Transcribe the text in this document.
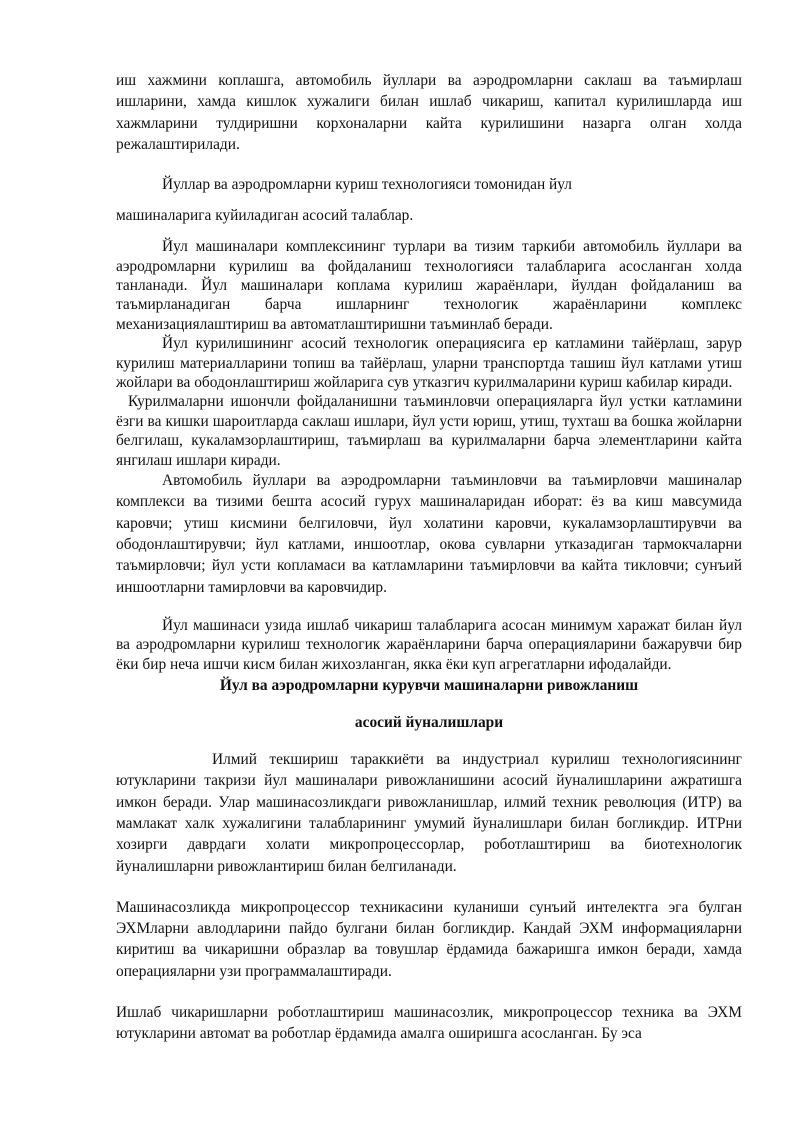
иш хажмини коплашга, автомобиль йуллари ва аэродромларни саклаш ва таъмирлаш ишларини, хамда кишлок хужалиги билан ишлаб чикариш, капитал курилишларда иш хажмларини тулдиришни корхоналарни кайта курилишини назарга олган холда режалаштирилади.

Йуллар ва аэродромларни куриш технологияси томонидан йул

машиналарига куйиладиган асосий талаблар.

Йул машиналари комплексининг турлари ва тизим таркиби автомобиль йуллари ва аэродромларни курилиш ва фойдаланиш технологияси талабларига асосланган холда танланади. Йул машиналари коплама курилиш жараёнлари, йулдан фойдаланиш ва таъмирланадиган барча ишларнинг технологик жараёнларини комплекс механизациялаштириш ва автоматлаштиришни таъминлаб беради.

Йул курилишининг асосий технологик операциясига ер катламини тайёрлаш, зарур курилиш материалларини топиш ва тайёрлаш, уларни транспортда ташиш йул катлами утиш жойлари ва ободонлаштириш жойларига сув утказгич курилмаларини куриш кабилар киради.

Курилмаларни ишончли фойдаланишни таъминловчи операцияларга йул устки катламини ёзги ва кишки шароитларда саклаш ишлари, йул усти юриш, утиш, тухташ ва бошка жойларни белгилаш, кукаламзорлаштириш, таъмирлаш ва курилмаларни барча элементларини кайта янгилаш ишлари киради.

Автомобиль йуллари ва аэродромларни таъминловчи ва таъмирловчи машиналар комплекси ва тизими бешта асосий гурух машиналаридан иборат: ёз ва киш мавсумида каровчи; утиш кисмини белгиловчи, йул холатини каровчи, кукаламзорлаштирувчи ва ободонлаштирувчи; йул катлами, иншоотлар, окова сувларни утказадиган тармокчаларни таъмирловчи; йул усти копламаси ва катламларини таъмирловчи ва кайта тикловчи; сунъий иншоотларни тамирловчи ва каровчидир.

Йул машинаси узида ишлаб чикариш талабларига асосан минимум харажат билан йул ва аэродромларни курилиш технологик жараёнларини барча операцияларини бажарувчи бир ёки бир неча ишчи кисм билан жихозланган, якка ёки куп агрегатларни ифодалайди.

Йул ва аэродромларни курувчи машиналарни ривожланиш

асосий йуналишлари

Илмий текшириш тараккиёти ва индустриал курилиш технологиясининг ютукларини такризи йул машиналари ривожланишини асосий йуналишларини ажратишга имкон беради. Улар машинасозликдаги ривожланишлар, илмий техник революция (ИТР) ва мамлакат халк хужалигини талабларининг умумий йуналишлари билан богликдир. ИТРни хозирги даврдаги холати микропроцессорлар, роботлаштириш ва биотехнологик йуналишларни ривожлантириш билан белгиланади.

Машинасозликда микропроцессор техникасини куланиши сунъий интелектга эга булган ЭХМларни авлодларини пайдо булгани билан богликдир. Кандай ЭХМ информацияларни киритиш ва чикаришни образлар ва товушлар ёрдамида бажаришга имкон беради, хамда операцияларни узи программалаштиради.

Ишлаб чикаришларни роботлаштириш машинасозлик, микропроцессор техника ва ЭХМ ютукларини автомат ва роботлар ёрдамида амалга оширишга асосланган. Бу эса
